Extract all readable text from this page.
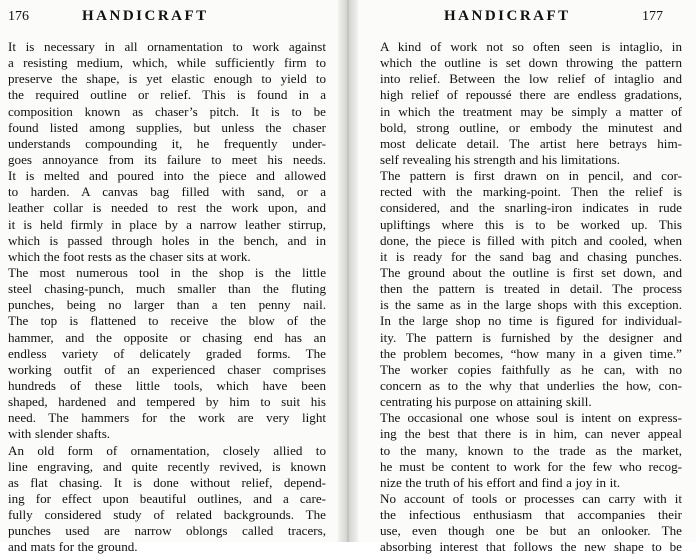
176	HANDICRAFT
It is necessary in all ornamentation to work against
a resisting medium, which, while sufficiently firm to
preserve the shape, is yet elastic enough to yield to
the required outline or relief. This is found in a
composition known as chaser’s pitch. It is to be
found listed among supplies, but unless the chaser
understands compounding it, he frequently under-
goes annoyance from its failure to meet his needs.
It is melted and poured into the piece and allowed
to harden. A canvas bag filled with sand, or a
leather collar is needed to rest the work upon, and
it is held firmly in place by a narrow leather stirrup,
which is passed through holes in the bench, and in
which the foot rests as the chaser sits at work.
The most numerous tool in the shop is the little
steel chasing-punch, much smaller than the fluting
punches, being no larger than a ten penny nail.
The top is flattened to receive the blow of the
hammer, and the opposite or chasing end has an
endless variety of delicately graded forms. The
working outfit of an experienced chaser comprises
hundreds of these little tools, which have been
shaped, hardened and tempered by him to suit his
need. The hammers for the work are very light
with slender shafts.
An old form of ornamentation, closely allied to
line engraving, and quite recently revived, is known
as flat chasing. It is done without relief, depend-
ing for effect upon beautiful outlines, and a care-
fully considered study of related backgrounds. The
punches used are narrow oblongs called tracers,
and mats for the ground.
HANDICRAFT	177
A kind of work not so often seen is intaglio, in
which the outline is set down throwing the pattern
into relief. Between the low relief of intaglio and
high relief of repoussé there are endless gradations,
in which the treatment may be simply a matter of
bold, strong outline, or embody the minutest and
most delicate detail. The artist here betrays him-
self revealing his strength and his limitations.
The pattern is first drawn on in pencil, and cor-
rected with the marking-point. Then the relief is
considered, and the snarling-iron indicates in rude
upliftings where this is to be worked up. This
done, the piece is filled with pitch and cooled, when
it is ready for the sand bag and chasing punches.
The ground about the outline is first set down, and
then the pattern is treated in detail. The process
is the same as in the large shops with this exception.
In the large shop no time is figured for individual-
ity. The pattern is furnished by the designer and
the problem becomes, “how many in a given time.”
The worker copies faithfully as he can, with no
concern as to the why that underlies the how, con-
centrating his purpose on attaining skill.
The occasional one whose soul is intent on express-
ing the best that there is in him, can never appeal
to the many, known to the trade as the market,
he must be content to work for the few who recog-
nize the truth of his effort and find a joy in it.
No account of tools or processes can carry with it
the infectious enthusiasm that accompanies their
use, even though one be but an onlooker. The
absorbing interest that follows the new shape to be
